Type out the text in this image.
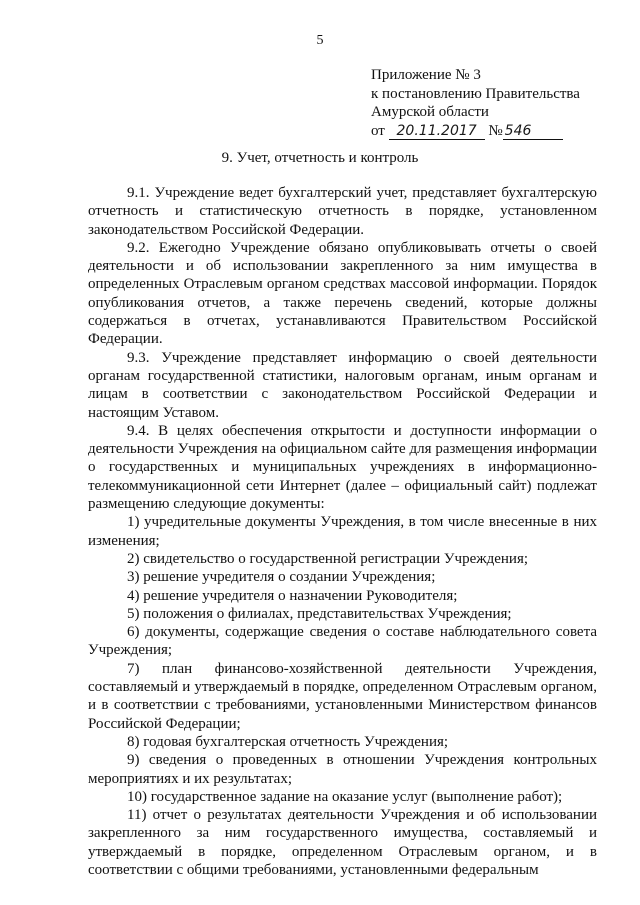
5
Приложение № 3
к постановлению Правительства
Амурской области
от 20.11.2017 № 546
9. Учет, отчетность и контроль

9.1. Учреждение ведет бухгалтерский учет, представляет бухгалтерскую отчетность и статистическую отчетность в порядке, установленном законодательством Российской Федерации.

9.2. Ежегодно Учреждение обязано опубликовывать отчеты о своей деятельности и об использовании закрепленного за ним имущества в определенных Отраслевым органом средствах массовой информации. Порядок опубликования отчетов, а также перечень сведений, которые должны содержаться в отчетах, устанавливаются Правительством Российской Федерации.

9.3. Учреждение представляет информацию о своей деятельности органам государственной статистики, налоговым органам, иным органам и лицам в соответствии с законодательством Российской Федерации и настоящим Уставом.

9.4. В целях обеспечения открытости и доступности информации о деятельности Учреждения на официальном сайте для размещения информации о государственных и муниципальных учреждениях в информационно-телекоммуникационной сети Интернет (далее – официальный сайт) подлежат размещению следующие документы:

1) учредительные документы Учреждения, в том числе внесенные в них изменения;

2) свидетельство о государственной регистрации Учреждения;

3) решение учредителя о создании Учреждения;

4) решение учредителя о назначении Руководителя;

5) положения о филиалах, представительствах Учреждения;

6) документы, содержащие сведения о составе наблюдательного совета Учреждения;

7) план финансово-хозяйственной деятельности Учреждения, составляемый и утверждаемый в порядке, определенном Отраслевым органом, и в соответствии с требованиями, установленными Министерством финансов Российской Федерации;

8) годовая бухгалтерская отчетность Учреждения;

9) сведения о проведенных в отношении Учреждения контрольных мероприятиях и их результатах;

10) государственное задание на оказание услуг (выполнение работ);

11) отчет о результатах деятельности Учреждения и об использовании закрепленного за ним государственного имущества, составляемый и утверждаемый в порядке, определенном Отраслевым органом, и в соответствии с общими требованиями, установленными федеральным
